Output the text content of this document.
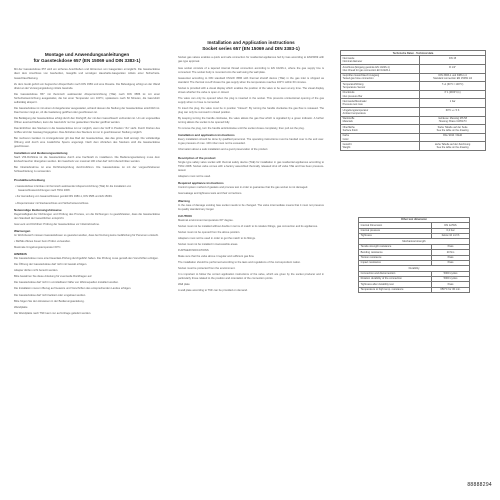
Montage und Anwendungsanleitungen
für Gassteckdose 657 (EN 15069 und DIN 3383-1)

Mit der Gassteckdose 657 wird ein sicheres Anschließen und Abtrennen von Gasgeräten ermöglicht. Die Gassteckdose dient dem Anschluss von Gasherden, Gasgrills und sonstigen Haushalts-Gasgeräten mittels einer Sicherheits-Gasschlauchleitung.

Zu dem Gerät gehört ein begrenzter Absperrhahn nach DIN 3383 und eine Rosette. Die Befestigung erfolgt an der Wand direkt an der Versorgungsleitung mittels Gewinde.

Die Gassteckdose 657 mit thermisch auslösender Absperreinrichtung (TAE) nach DIN 3586 ist mit einer Sicherheitseinrichtung ausgestattet, die bei einer Temperatur von 100°C, spätestens nach 60 Minuten, die Gaszufuhr selbsttätig absperrt.

Die Gassteckdose ist mit einem Anzeigefenster ausgestattet, anhand dessen die Stellung der Gassteckdose ersichtlich ist. Das Fenster zeigt an, ob die Gasleitung geöffnet oder geschlossen ist.

Die Betätigung der Gassteckdose erfolgt durch den Drehgriff, der mit dem Gasschlauch verbunden ist. Um ein ungewolltes Öffnen auszuschließen, kann die Gaszufuhr nur bei gestecktem Stecker geöffnet werden.

Das Einführen des Steckers in die Gassteckdose ist nur möglich, wenn der Griff in Position "Zu" steht. Durch Drehen des Griffes wird der Gasweg freigegeben. Das Abziehen des Steckers ist nur in geschlossener Stellung möglich.

Bei mehreren Geräten im Anzeigefenster gilt das Rad der Gassteckdose, das das grüne Feld anzeigt. Die vollständige Öffnung wird durch eine zusätzliche Sperre angezeigt. Nach dem Abziehen des Steckers wird die Gassteckdose geschlossen.

Installation und Bedienungsanleitung

Nach VDI-Richtlinie ist die Gassteckdose durch eine Fachkraft zu installieren. Die Bedienungsanleitung muss dem Endverbraucher übergeben werden. Ein Gasdruck von maximal 100 mbar darf nicht überschritten werden.

Bei Inbetriebnahme ist eine Dichtheitsprüfung durchzuführen. Die Gassteckdose ist mit der vorgeschriebenen Schlauchleitung zu verwenden.

Produktbeschreibung

• Gassteckdose in Einbau mit thermisch auslösender Absperreinrichtung (TAE) für die Installation von Gasanschlusseinrichtungen nach TRGI 2008.

• Zur Herstellung von Gasanschlüssen gemäß DIN 3383-1, DIN 3586 und EN 15069.

• Absperrarmatur mit Steckanschluss und Sicherheitsverschluss.

Notwendige Bedienungshinweise

Regelmäßigkeit der Dichtungen und Prüfung des Prozess, um die Dichtungen zu gewährleisten, dass die Gassteckdose den Standard der Gesetzlichen entspricht.

Gas Leck und Dichtheit: Prüfung der Gassteckdose vor Inbetriebnahme.

Warnungen

Im Wohnbereich müssen Gassteckdosen so gewartet werden, dass bei Nutzung keine Gefährdung für Personen entsteht.

• KEINE offenes Feuer beim Prüfen verwenden.

Maximale Umgebungstemperatur 60°C.

HINWEIS

Die Gassteckdose muss eine Dauerlast-Prüfung durchgeführt haben. Die Prüfung muss gemäß den Vorschriften erfolgen.

Die Öffnung der Gassteckdose darf nicht mit Gewalt erfolgen.

Adapter dürfen nicht benutzt werden.

Bitte bewahren Sie diese Anleitung für eventuelle Rückfragen auf.

Die Gassteckdose darf nicht in unmittelbarer Nähe von Wärmequellen installiert werden.

Die Installation muss in Bezug auf Gesetze und Vorschriften des entsprechenden Landes erfolgen.

Die Gassteckdose darf nicht lackiert oder umgebaut werden.

Bitte folgen Sie den Hinweisen in der Bedienungsanleitung.

Wandplatte

Die Wandplatte nach TNF kann nur auf Anfrage geliefert werden.

Installation and Application instructions
Socket series 657 (EN 15069 and DIN 3383-1)

Socket gas valves enables a quick and safe connection for residential appliances fed by Gas according to EN15069 with gas type approval.

Gas socket consists of a tapered internal thread connection according to EN 10226-1, where the gas supply line is connected. The socket body is mounted onto the wall using the wall plate.

Gassocket according to DIN standard DVGW 3586 with thermal shutoff device (TAE) in the gas inlet is shipped as standard. The thermal cut-off closes the gas supply when the temperature reaches 100°C within 60 minutes.

Socket is provided with a visual display which enables the position of the valve to be seen at any time. The visual display shows whether the valve is open or closed.

The valve can only be opened when the plug is inserted in the socket. This prevents unintentional opening of the gas supply when no hose is connected.

To insert the plug, the valve must be in position "Closed". By turning the handle clockwise the gas flow is released. The plug can only be removed in closed position.

By keeping turning the handle clockwise, the valve allows the gas flow which is signalled by a green indicator. A further turning allows the socket to be opened fully.

To remove the plug, turn the handle anticlockwise until the socket closes completely, then pull out the plug.

Installation and application instructions

Every installation should be done by qualified personnel. The operating instructions must be handed over to the end user. A gas pressure of max. 100 mbar must not be exceeded.

Information about a safe installation and a good preservation of the product.

Description of the product

Single type safety valve socket with thermal safety device (TAE) for installation in gas residential appliances according to TRGI 2008. Socket valve comes with a factory assembled thermally released shut off valve TAE and has been pressure-tested.

Adapters must not be used.

Required appliance instructions

Control system method of gaskets and process test in order to guarantee that the gas socket is not damaged.

Gas leakage and tightness tests and their corrections.

Warning

In the case of damage existing Gas socket needs to be changed. The valve intermediate means that it must not preserve its quality standard any longer.

CAUTION

Maximal environment temperature 60° degree.

Socket must not be installed without double in terms of match to its relative fittings, gas connection and its appliances.

Socket must not be opened from the above position.

Adapters must not be used in order to get the match to its fittings.

Socket must not be installed in inaccessible areas.

FURTHER INDICATIONS

Make sure that the valve above it regular and sufficient gas flow.

The installation should be performed according to the laws and regulations of the correspondent nation.

Socket must be protected from the environment.

It is important to follow the correct application instructions of the valve, which are given by the socket producer and in particularly those related to the position and orientation of the connection points.

Wall plate

A wall plate according to TNF can be provided on demand.

Technische Daten - Technical data	
Nennweite
Nominal diameter	DN 15
Anschluss (Eingang gewinde EN 10226-1)
Inlet thread for gas connection EN 10226-1	R 1/2"
Geprüftes Gasschlauch Ausgang
Tested gas hose connection	DIN 3383-1 und 3383-1.4
Standard connection EN 15069 1/4
Temperaturfühlung
Temperature Sensor	T+1 (60°C / 100°C)
Druckstufe
Inlet pressure Bar	P 1 (MOP 0,1)
Nennweite/Maximaler
Pressure test max	1 bar
Umgebungstemperatur
Ambient temperature	60°C +/- 5 K
Werkstoffe
Materials	Gehäuse: Messing MS 58
Housing: Brass CW617N
Oberfläche
Surface finish	Siehe Tabelle auf der Seite
See the table on the drawing
Farbe
Color	RAL 9010 / Weiß
Gewicht
Weight	siehe Tabelle auf der Zeichnung
See the table on the drawing
Other test dimension	
Internal Dimension	DN 12/WS
Internal pressure	0,2 bar
Tightness	below 10 cm³/h
Mechanical strength	
Tensile strength resistance	Pass
Bending resistance	20 Nm
Torsion resistance	Pass
Impact resistance	Pass
Durability	
Connection and disconnection	5000 cycles
Rotation durability of the connection	5000 cycles
Tightness after durability test	Pass
Temperature to high temp. resistance	650°C for 30 min.
88888294
